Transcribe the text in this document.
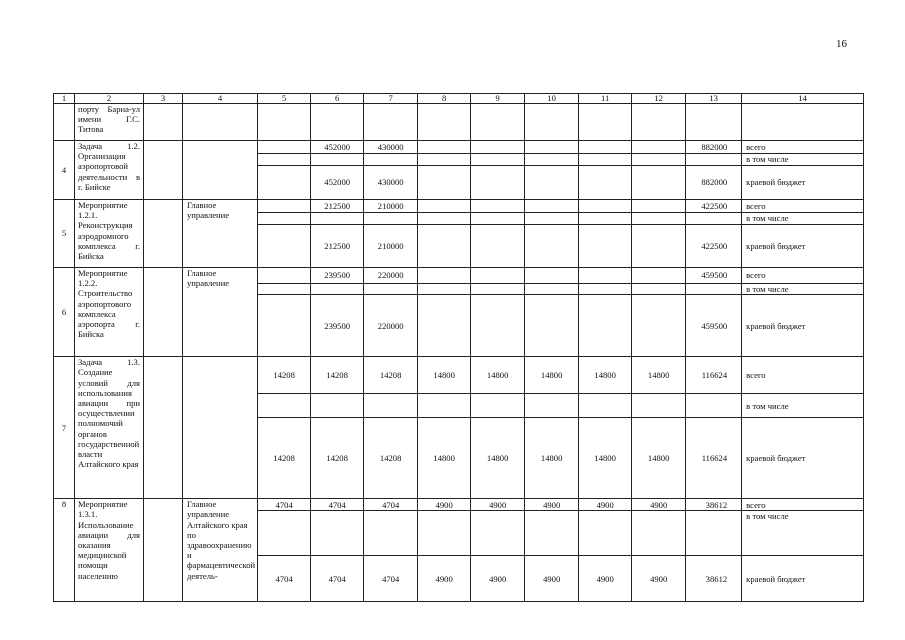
16
1	2	3	4	5	6	7	8	9	10	11	12	13	14
	порту Барна-ул имени Г.С. Титова												
4	Задача 1.2. Организация аэропортовой деятельности в г. Бийске				452000	430000						882000	всего
													в том числе
					452000	430000						882000	краевой бюджет
5	Мероприятие 1.2.1. Реконструкция аэродромного комплекса г. Бийска		Главное управление		212500	210000						422500	всего
													в том числе
					212500	210000						422500	краевой бюджет
6	Мероприятие 1.2.2. Строительство аэропортового комплекса аэропорта г. Бийска		Главное управление		239500	220000						459500	всего
													в том числе
					239500	220000						459500	краевой бюджет
7	Задача 1.3. Создание условий для использования авиации при осуществлении полномочий органов государственной власти Алтайского края			14208	14208	14208	14800	14800	14800	14800	14800	116624	всего
													в том числе
				14208	14208	14208	14800	14800	14800	14800	14800	116624	краевой бюджет
8	Мероприятие 1.3.1. Использование авиации для оказания медицинской помощи населению		Главное управление Алтайского края по здравоохранению и фармацевтической деятель-	4704	4704	4704	4900	4900	4900	4900	4900	38612	всего
													в том числе
				4704	4704	4704	4900	4900	4900	4900	4900	38612	краевой бюджет
